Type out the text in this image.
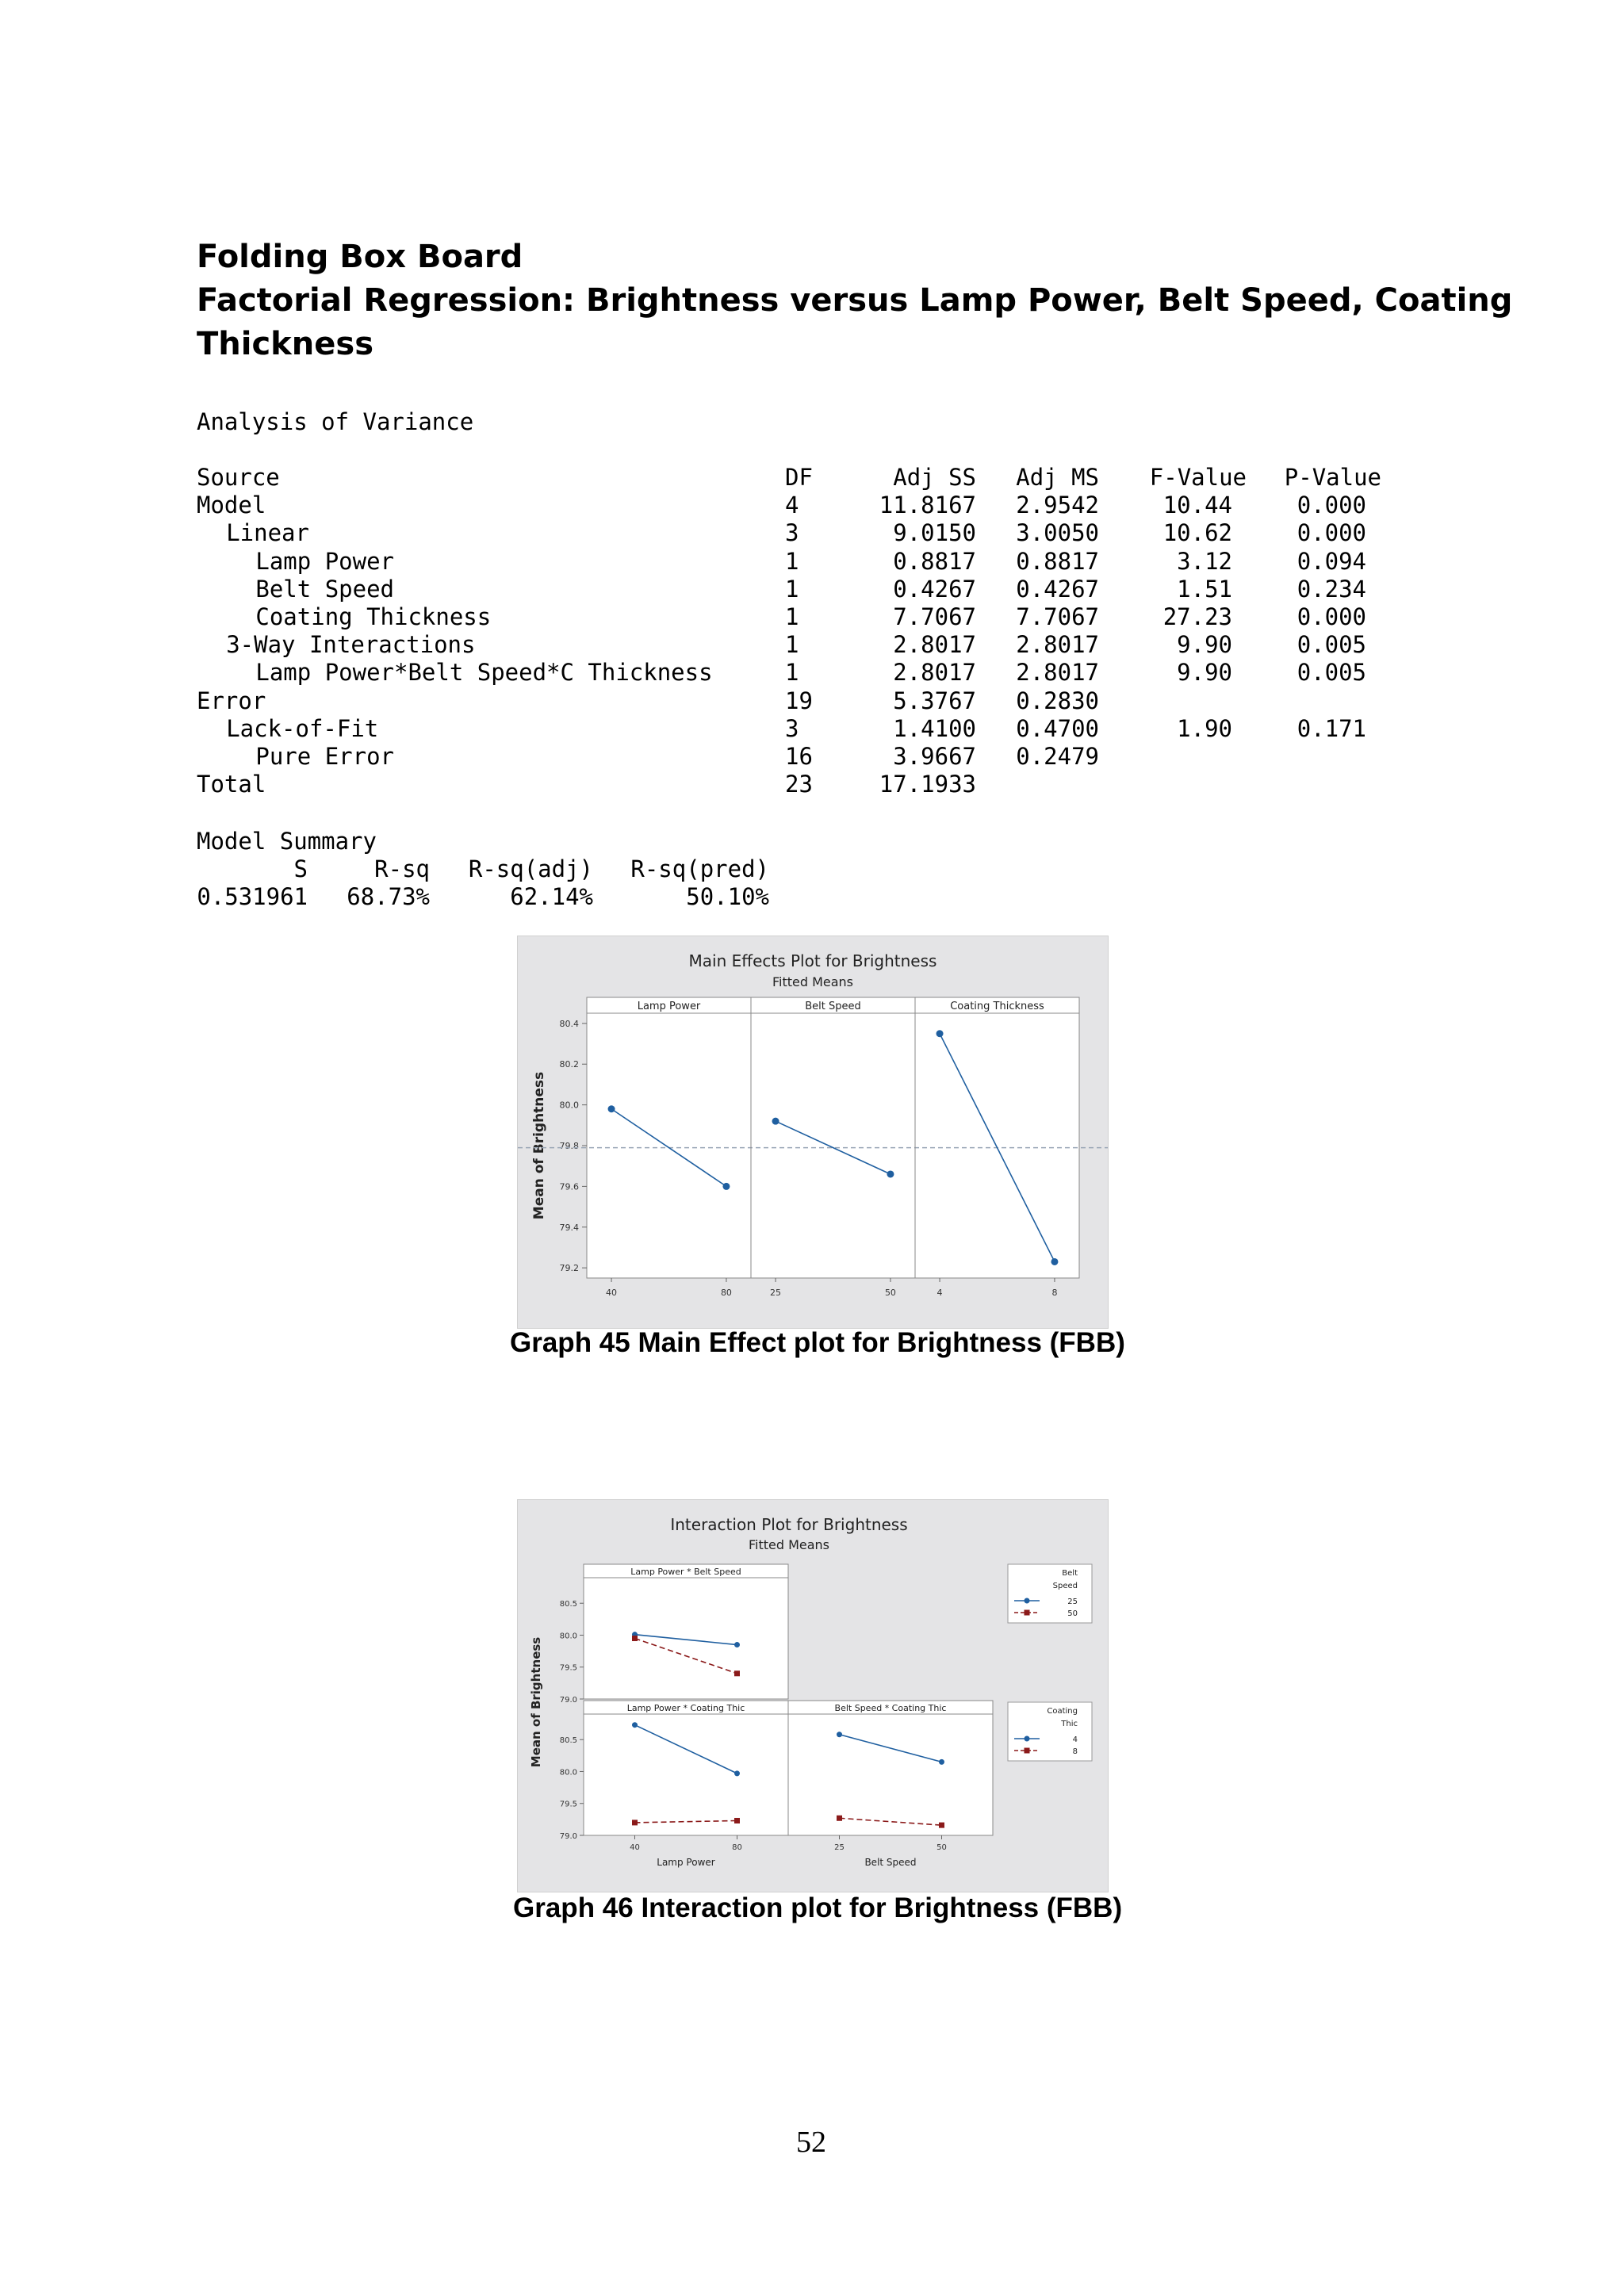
Folding Box Board
Factorial Regression: Brightness versus Lamp Power, Belt Speed, Coating
Thickness
Analysis of Variance
Source	DF	Adj SS Adj MS F-Value P-Value
Model	4	11.8167 2.9542	10.44	0.000
Linear	3	9.0150 3.0050	10.62	0.000
Lamp Power	1	0.8817 0.8817	3.12	0.094
Belt Speed	1	0.4267 0.4267	1.51	0.234
Coating Thickness	1	7.7067 7.7067	27.23	0.000
3-Way Interactions	1	2.8017 2.8017	9.90	0.005
Lamp Power*Belt Speed*C Thickness	1	2.8017 2.8017	9.90	0.005
Error	19	5.3767 0.2830
Lack-of-Fit	3	1.4100 0.4700	1.90	0.171
Pure Error	16	3.9667 0.2479
Total	23	17.1933
Model Summary
S	R-sq R-sq(adj) R-sq(pred)
0.531961 68.73%	62.14%	50.10%
Main Effects Plot for Brightness
Fitted Means
Mean of Brightness
80.4
80.2
80.0
79.8
79.6
79.4
79.2
Lamp Power
40	80
Belt Speed
25	50
Coating Thickness
4	8
Graph 45 Main Effect plot for Brightness (FBB)
Interaction Plot for Brightness
Fitted Means
Mean of Brightness
Lamp Power * Belt Speed
80.5
80.0
79.5
79.0
Lamp Power * Coating Thic
80.5
80.0
79.5
79.0
40	80
Lamp Power
Belt Speed * Coating Thic
25	50
Belt Speed
Belt
Speed
25
50
Coating
Thic
4
8
Graph 46 Interaction plot for Brightness (FBB)
52
